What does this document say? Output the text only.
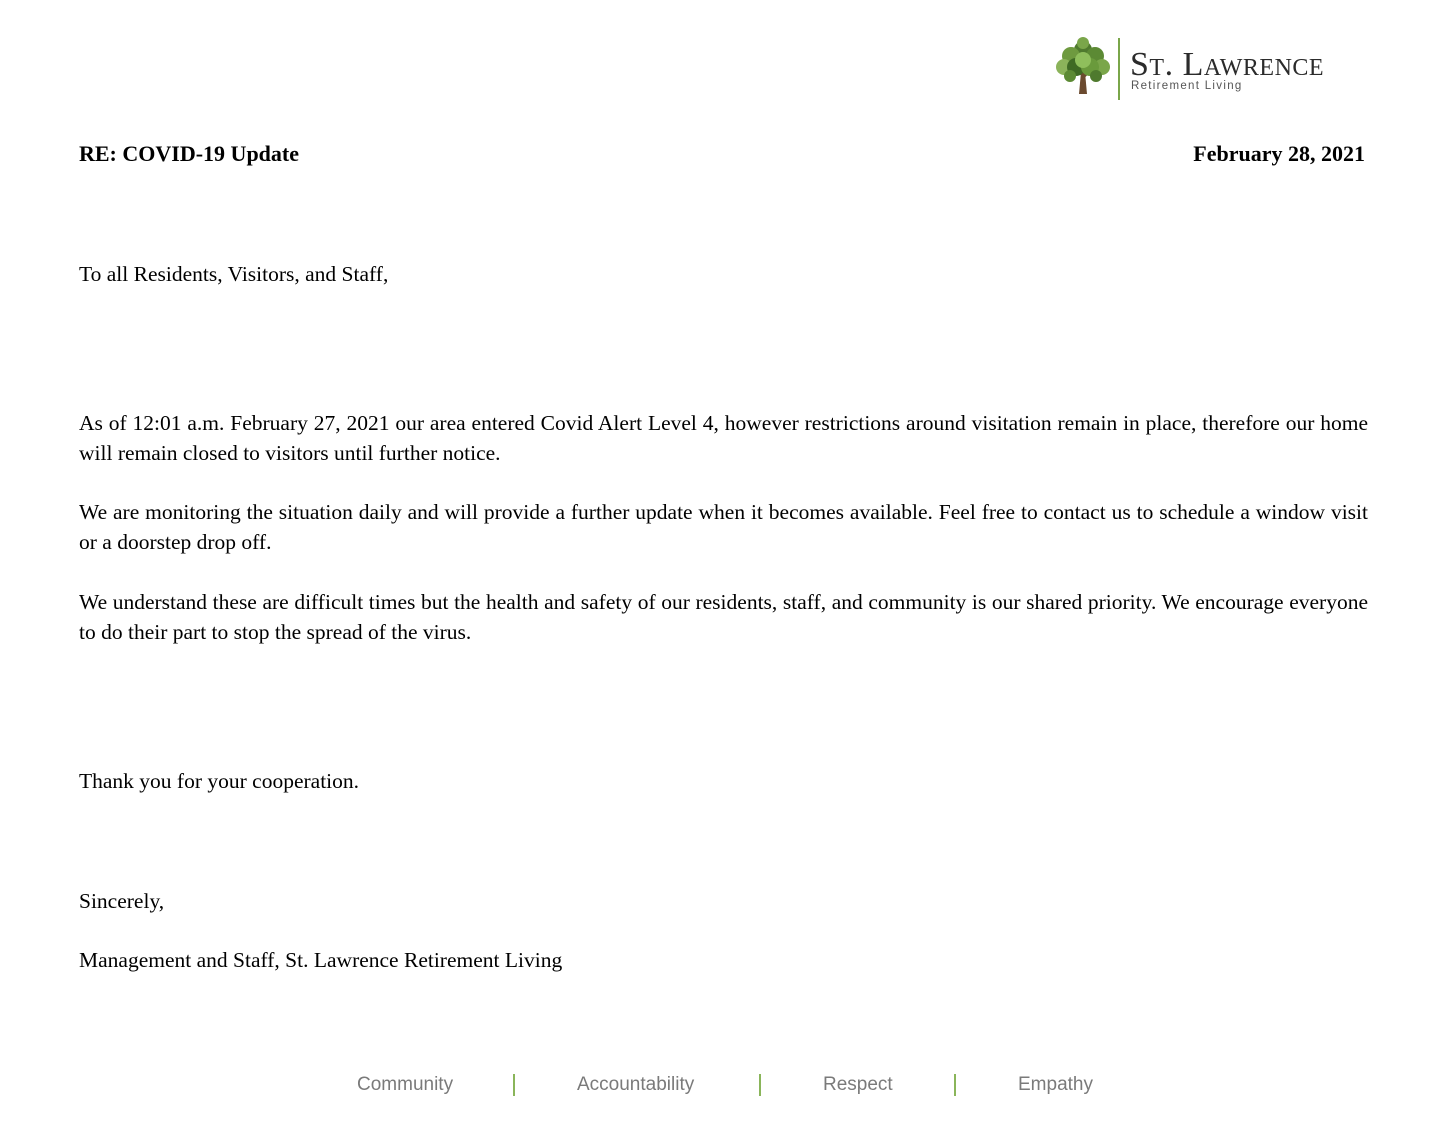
St. Lawrence
Retirement Living
RE: COVID-19 Update	February 28, 2021
To all Residents, Visitors, and Staff,
As of 12:01 a.m. February 27, 2021 our area entered Covid Alert Level 4, however restrictions around visitation remain in place, therefore our home will remain closed to visitors until further notice.
We are monitoring the situation daily and will provide a further update when it becomes available. Feel free to contact us to schedule a window visit or a doorstep drop off.
We understand these are difficult times but the health and safety of our residents, staff, and community is our shared priority. We encourage everyone to do their part to stop the spread of the virus.
Thank you for your cooperation.
Sincerely,
Management and Staff, St. Lawrence Retirement Living
Community	Accountability	Respect	Empathy
